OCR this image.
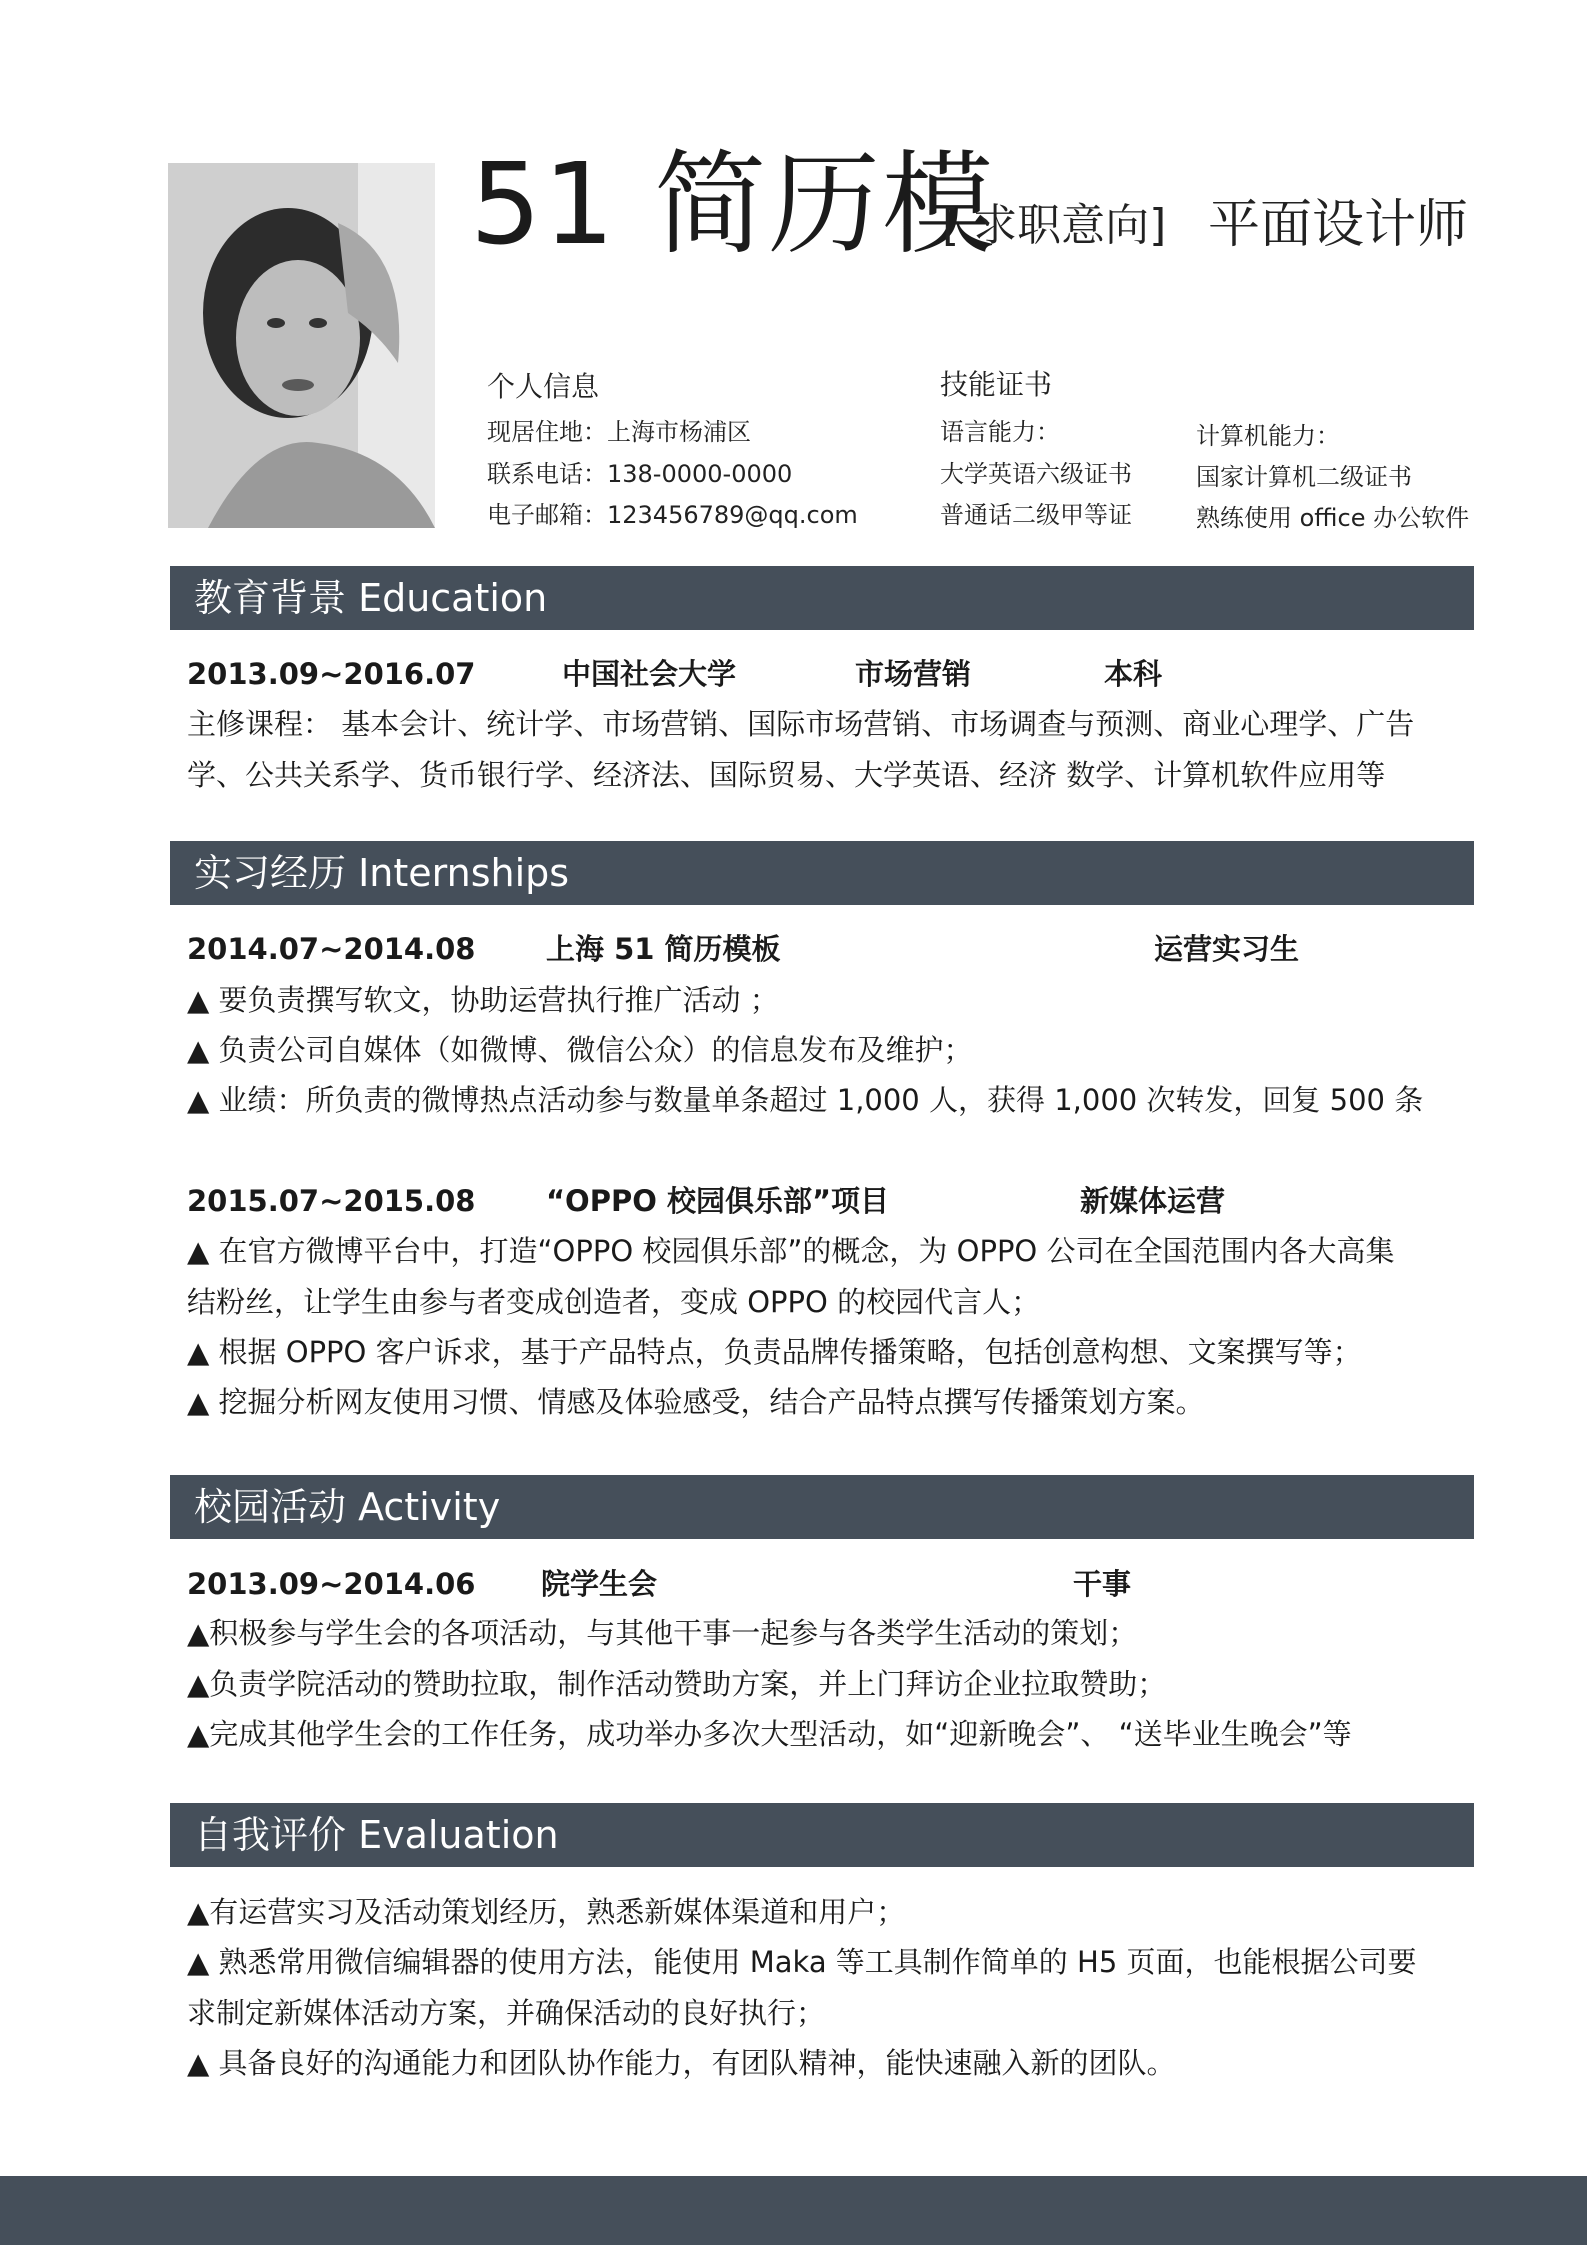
51 简历模
[ 求职意向] 平面设计师
个人信息
现居住地：上海市杨浦区
联系电话：138-0000-0000
电子邮箱：123456789@qq.com
技能证书
语言能力：
大学英语六级证书
普通话二级甲等证
计算机能力：
国家计算机二级证书
熟练使用 office 办公软件
教育背景 Education
2013.09~2016.07	中国社会大学	市场营销	本科
主修课程： 基本会计、统计学、市场营销、国际市场营销、市场调查与预测、商业心理学、广告
学、公共关系学、货币银行学、经济法、国际贸易、大学英语、经济 数学、计算机软件应用等
实习经历 Internships
2014.07~2014.08 上海 51 简历模板	运营实习生
▲ 要负责撰写软文，协助运营执行推广活动 ；
▲ 负责公司自媒体（如微博、微信公众）的信息发布及维护；
▲ 业绩：所负责的微博热点活动参与数量单条超过 1,000 人，获得 1,000 次转发，回复 500 条
2015.07~2015.08 “OPPO 校园俱乐部”项目	新媒体运营
▲ 在官方微博平台中，打造“OPPO 校园俱乐部”的概念，为 OPPO 公司在全国范围内各大高集
结粉丝，让学生由参与者变成创造者，变成 OPPO 的校园代言人；
▲ 根据 OPPO 客户诉求，基于产品特点，负责品牌传播策略，包括创意构想、文案撰写等；
▲ 挖掘分析网友使用习惯、情感及体验感受，结合产品特点撰写传播策划方案。
校园活动 Activity
2013.09~2014.06 院学生会	干事
▲积极参与学生会的各项活动，与其他干事一起参与各类学生活动的策划；
▲负责学院活动的赞助拉取，制作活动赞助方案，并上门拜访企业拉取赞助；
▲完成其他学生会的工作任务，成功举办多次大型活动，如“迎新晚会”、 “送毕业生晚会”等
自我评价 Evaluation
▲有运营实习及活动策划经历，熟悉新媒体渠道和用户；
▲ 熟悉常用微信编辑器的使用方法，能使用 Maka 等工具制作简单的 H5 页面，也能根据公司要
求制定新媒体活动方案，并确保活动的良好执行；
▲ 具备良好的沟通能力和团队协作能力，有团队精神，能快速融入新的团队。
